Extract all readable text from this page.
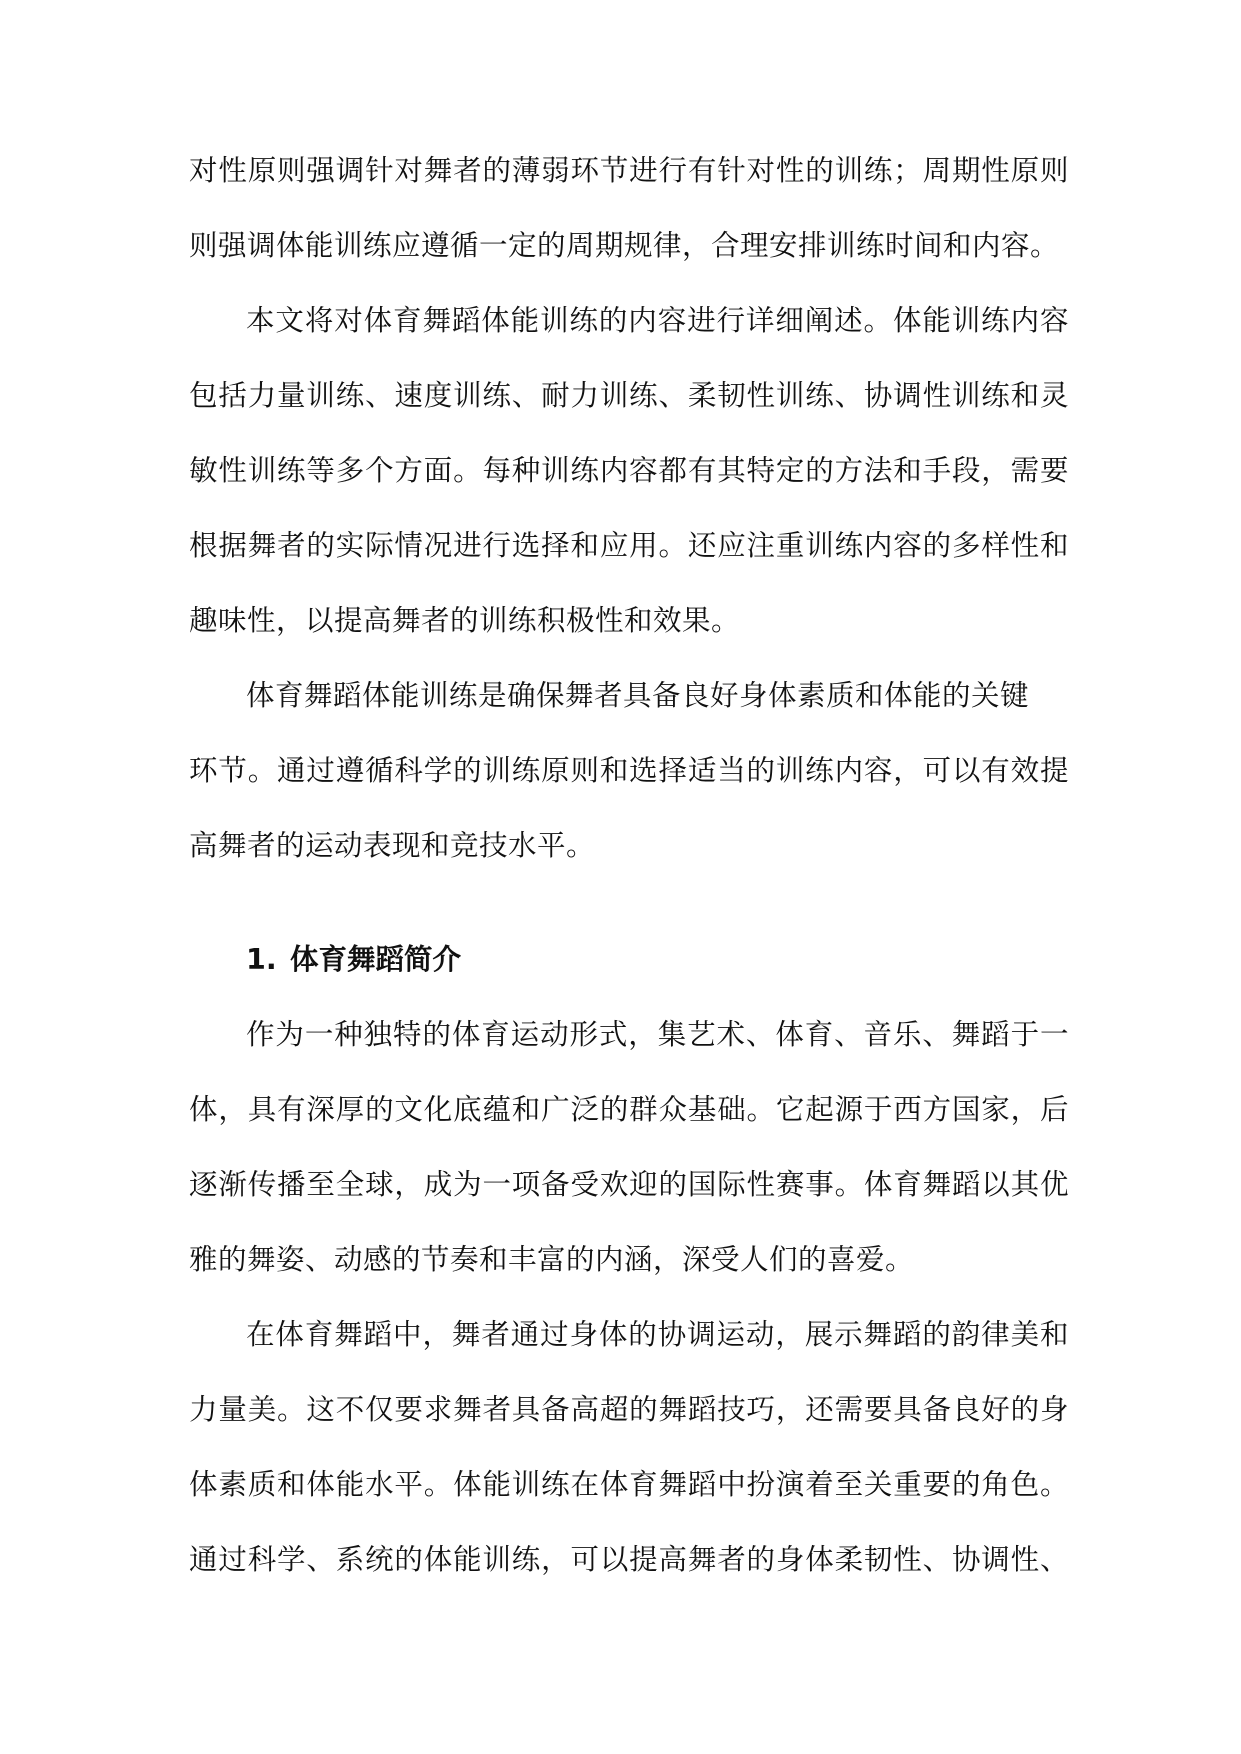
对性原则强调针对舞者的薄弱环节进行有针对性的训练；周期性原则
则强调体能训练应遵循一定的周期规律，合理安排训练时间和内容。
本文将对体育舞蹈体能训练的内容进行详细阐述。体能训练内容
包括力量训练、速度训练、耐力训练、柔韧性训练、协调性训练和灵
敏性训练等多个方面。每种训练内容都有其特定的方法和手段，需要
根据舞者的实际情况进行选择和应用。还应注重训练内容的多样性和
趣味性，以提高舞者的训练积极性和效果。
体育舞蹈体能训练是确保舞者具备良好身体素质和体能的关键
环节。通过遵循科学的训练原则和选择适当的训练内容，可以有效提
高舞者的运动表现和竞技水平。
1. 体育舞蹈简介
作为一种独特的体育运动形式，集艺术、体育、音乐、舞蹈于一
体，具有深厚的文化底蕴和广泛的群众基础。它起源于西方国家，后
逐渐传播至全球，成为一项备受欢迎的国际性赛事。体育舞蹈以其优
雅的舞姿、动感的节奏和丰富的内涵，深受人们的喜爱。
在体育舞蹈中，舞者通过身体的协调运动，展示舞蹈的韵律美和
力量美。这不仅要求舞者具备高超的舞蹈技巧，还需要具备良好的身
体素质和体能水平。体能训练在体育舞蹈中扮演着至关重要的角色。
通过科学、系统的体能训练，可以提高舞者的身体柔韧性、协调性、
